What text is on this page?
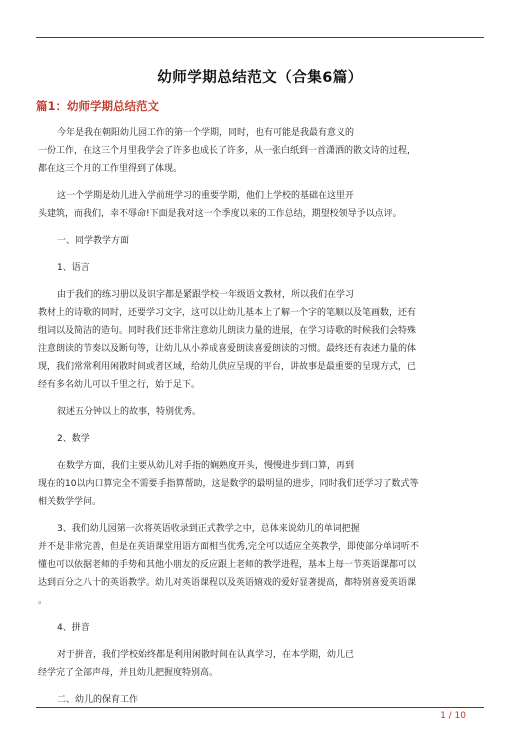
幼师学期总结范文（合集6篇）
篇1：幼师学期总结范文

今年是我在朝阳幼儿园工作的第一个学期，同时，也有可能是我最有意义的
一份工作，在这三个月里我学会了许多也成长了许多，从一张白纸到一首潇洒的散文诗的过程，
都在这三个月的工作里得到了体现。

这一个学期是幼儿进入学前班学习的重要学期，他们上学校的基础在这里开
头建筑，而我们，幸不辱命!下面是我对这一个季度以来的工作总结，期望校领导予以点评。

一、同学教学方面

1、语言

由于我们的练习册以及识字都是紧跟学校一年级语文教材，所以我们在学习
教材上的诗歌的同时，还要学习文字，这可以让幼儿基本上了解一个字的笔顺以及笔画数，还有
组词以及简洁的造句。同时我们还非常注意幼儿朗读力量的进展，在学习诗歌的时候我们会特殊
注意朗读的节奏以及断句等，让幼儿从小养成喜爱朗读喜爱朗读的习惯。最终还有表述力量的体
现，我们常常利用闲散时间或者区域，给幼儿供应呈现的平台，讲故事是最重要的呈现方式，已
经有多名幼儿可以千里之行，始于足下。

叙述五分钟以上的故事，特别优秀。

2、数学

在数学方面，我们主要从幼儿对手指的娴熟度开头，慢慢进步到口算，再到
现在的10以内口算完全不需要手指算帮助，这是数学的最明显的进步，同时我们还学习了数式等
相关数学学问。

3、我们幼儿园第一次将英语收录到正式教学之中，总体来说幼儿的单词把握
并不是非常完善，但是在英语课堂用语方面相当优秀,完全可以适应全英教学，即使部分单词听不
懂也可以依据老师的手势和其他小朋友的反应跟上老师的教学进程，基本上每一节英语课都可以
达到百分之八十的英语教学。幼儿对英语课程以及英语嬉戏的爱好显著提高，都特别喜爱英语课
。

4、拼音

对于拼音，我们学校始终都是利用闲散时间在认真学习，在本学期，幼儿已
经学完了全部声母，并且幼儿把握度特别高。

二、幼儿的保育工作

1 / 10
